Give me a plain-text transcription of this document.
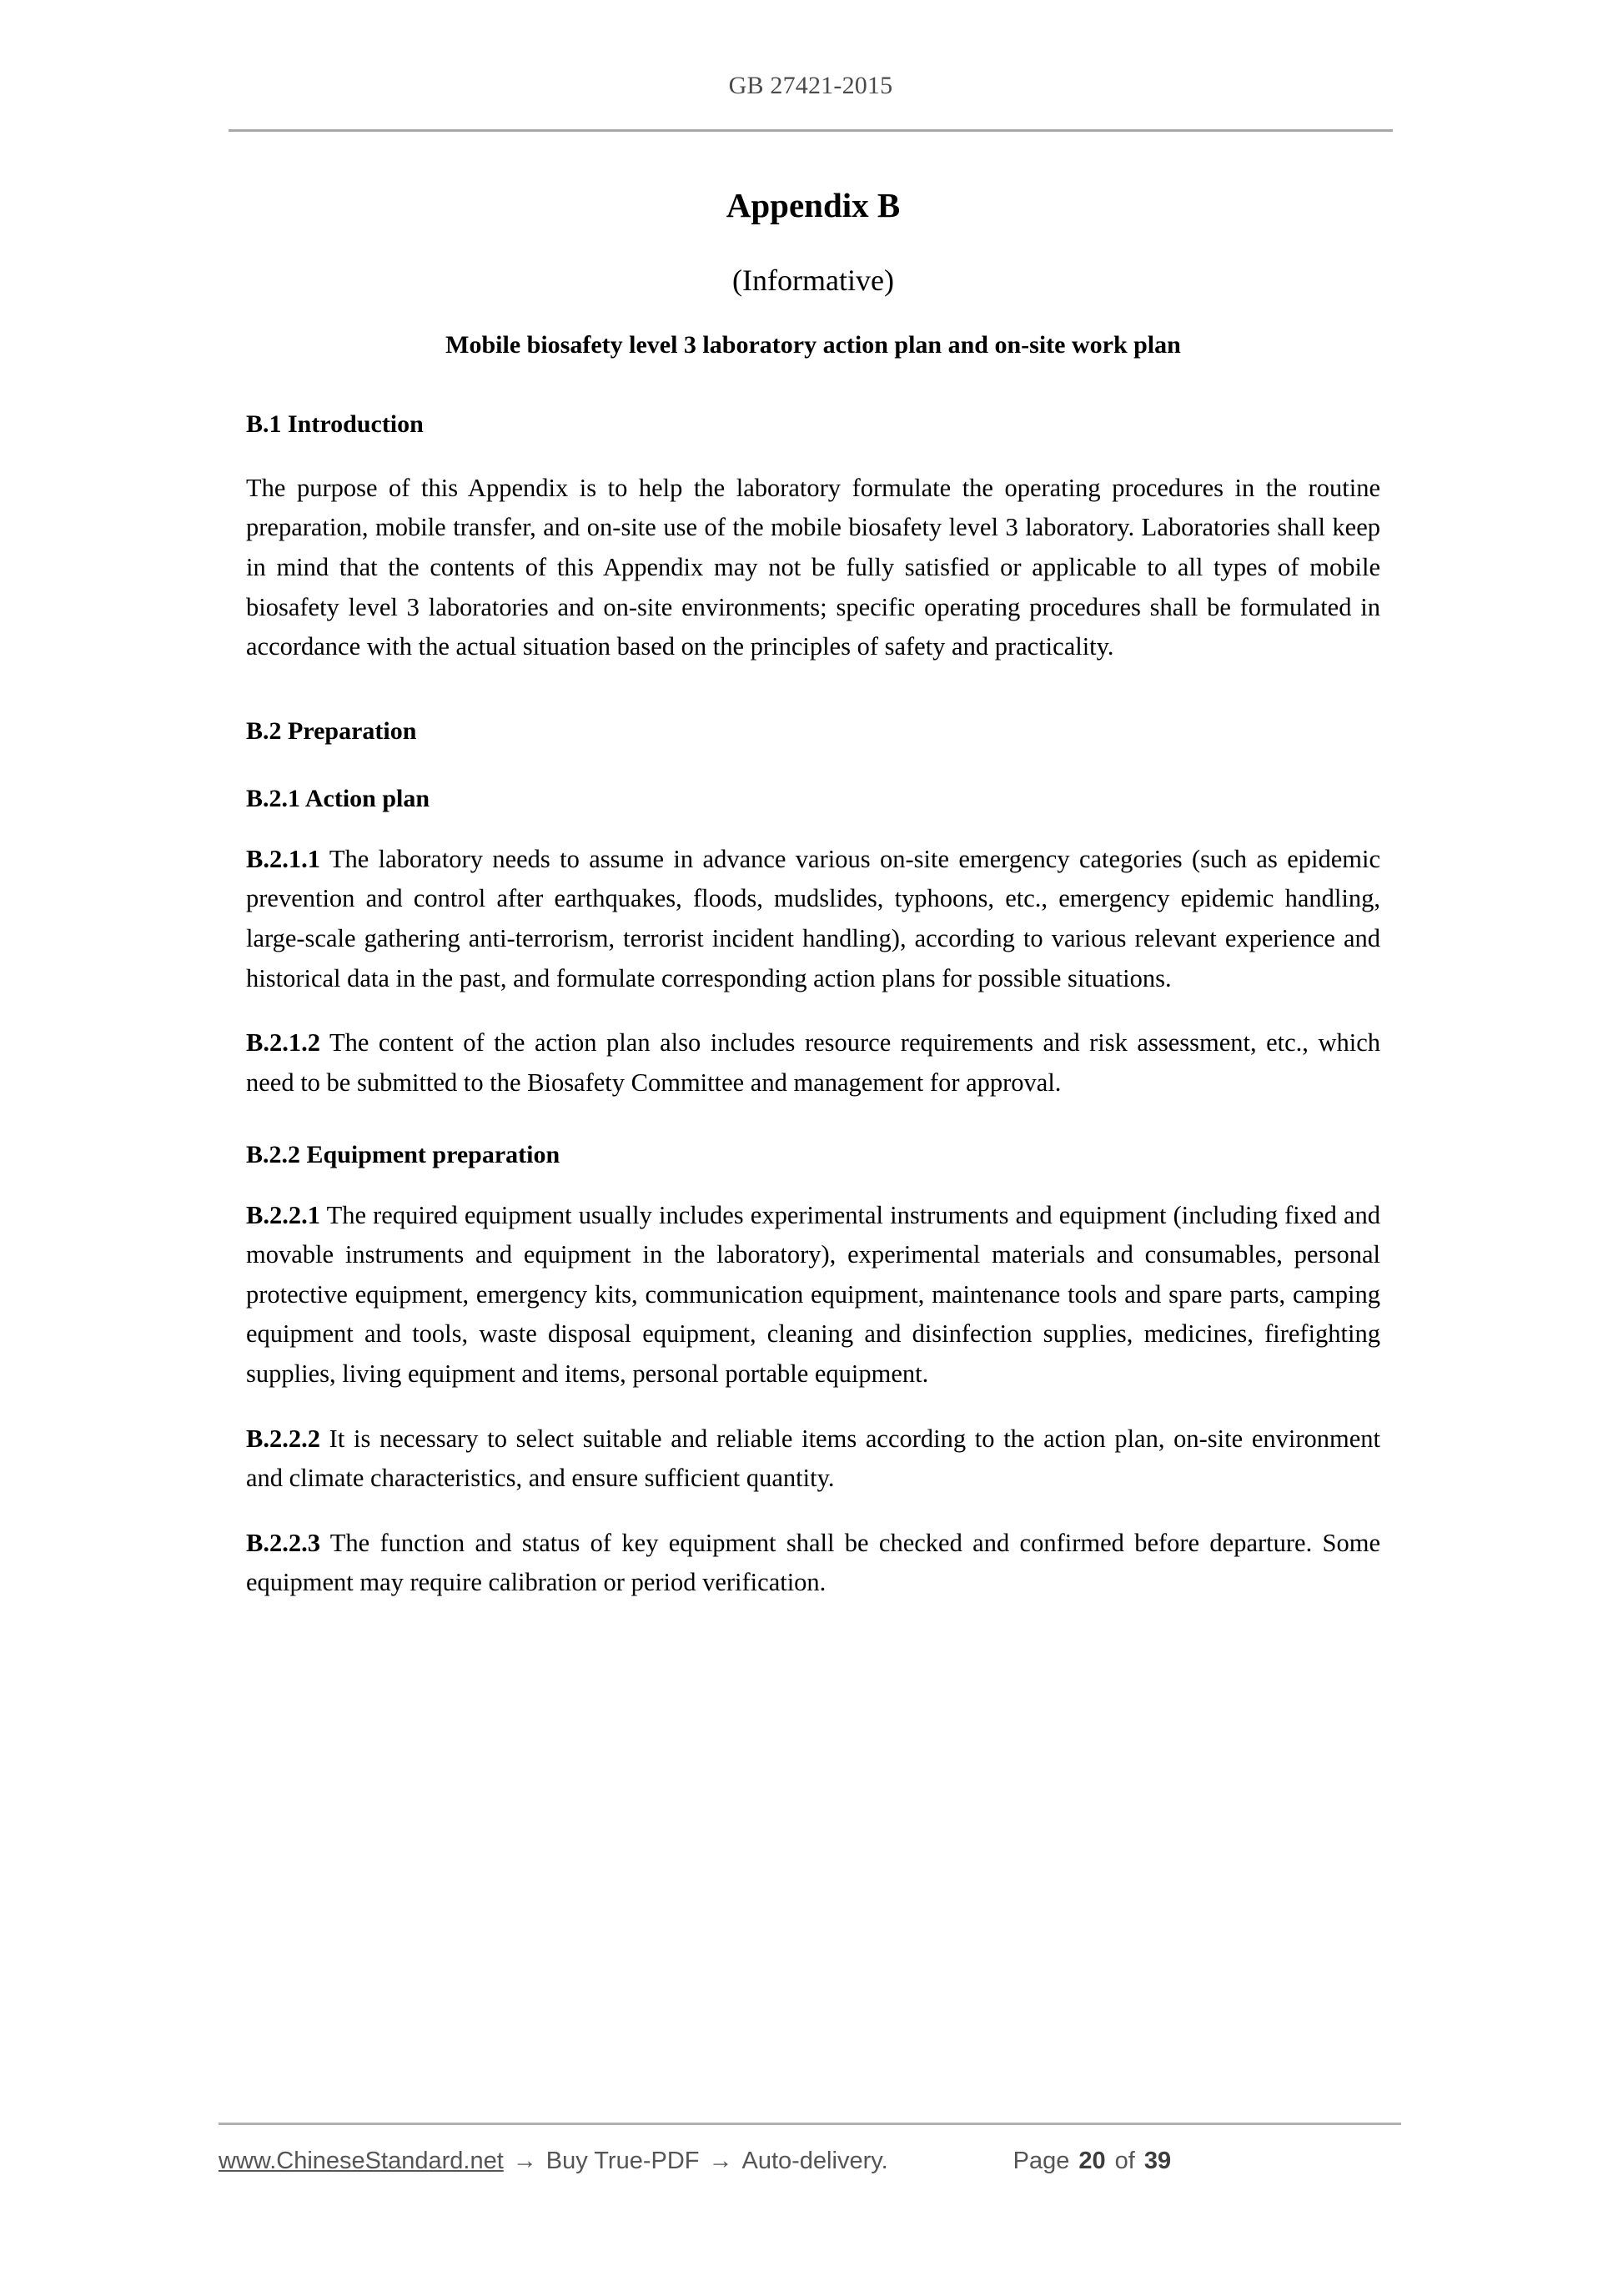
GB 27421-2015
Appendix B
(Informative)
Mobile biosafety level 3 laboratory action plan and on-site work plan
B.1 Introduction

The purpose of this Appendix is to help the laboratory formulate the operating procedures in the routine preparation, mobile transfer, and on-site use of the mobile biosafety level 3 laboratory. Laboratories shall keep in mind that the contents of this Appendix may not be fully satisfied or applicable to all types of mobile biosafety level 3 laboratories and on-site environments; specific operating procedures shall be formulated in accordance with the actual situation based on the principles of safety and practicality.

B.2 Preparation
B.2.1 Action plan

B.2.1.1 The laboratory needs to assume in advance various on-site emergency categories (such as epidemic prevention and control after earthquakes, floods, mudslides, typhoons, etc., emergency epidemic handling, large-scale gathering anti-terrorism, terrorist incident handling), according to various relevant experience and historical data in the past, and formulate corresponding action plans for possible situations.

B.2.1.2 The content of the action plan also includes resource requirements and risk assessment, etc., which need to be submitted to the Biosafety Committee and management for approval.

B.2.2 Equipment preparation

B.2.2.1 The required equipment usually includes experimental instruments and equipment (including fixed and movable instruments and equipment in the laboratory), experimental materials and consumables, personal protective equipment, emergency kits, communication equipment, maintenance tools and spare parts, camping equipment and tools, waste disposal equipment, cleaning and disinfection supplies, medicines, firefighting supplies, living equipment and items, personal portable equipment.

B.2.2.2 It is necessary to select suitable and reliable items according to the action plan, on-site environment and climate characteristics, and ensure sufficient quantity.

B.2.2.3 The function and status of key equipment shall be checked and confirmed before departure. Some equipment may require calibration or period verification.

www.ChineseStandard.net → Buy True-PDF → Auto-delivery.	Page 20 of 39
